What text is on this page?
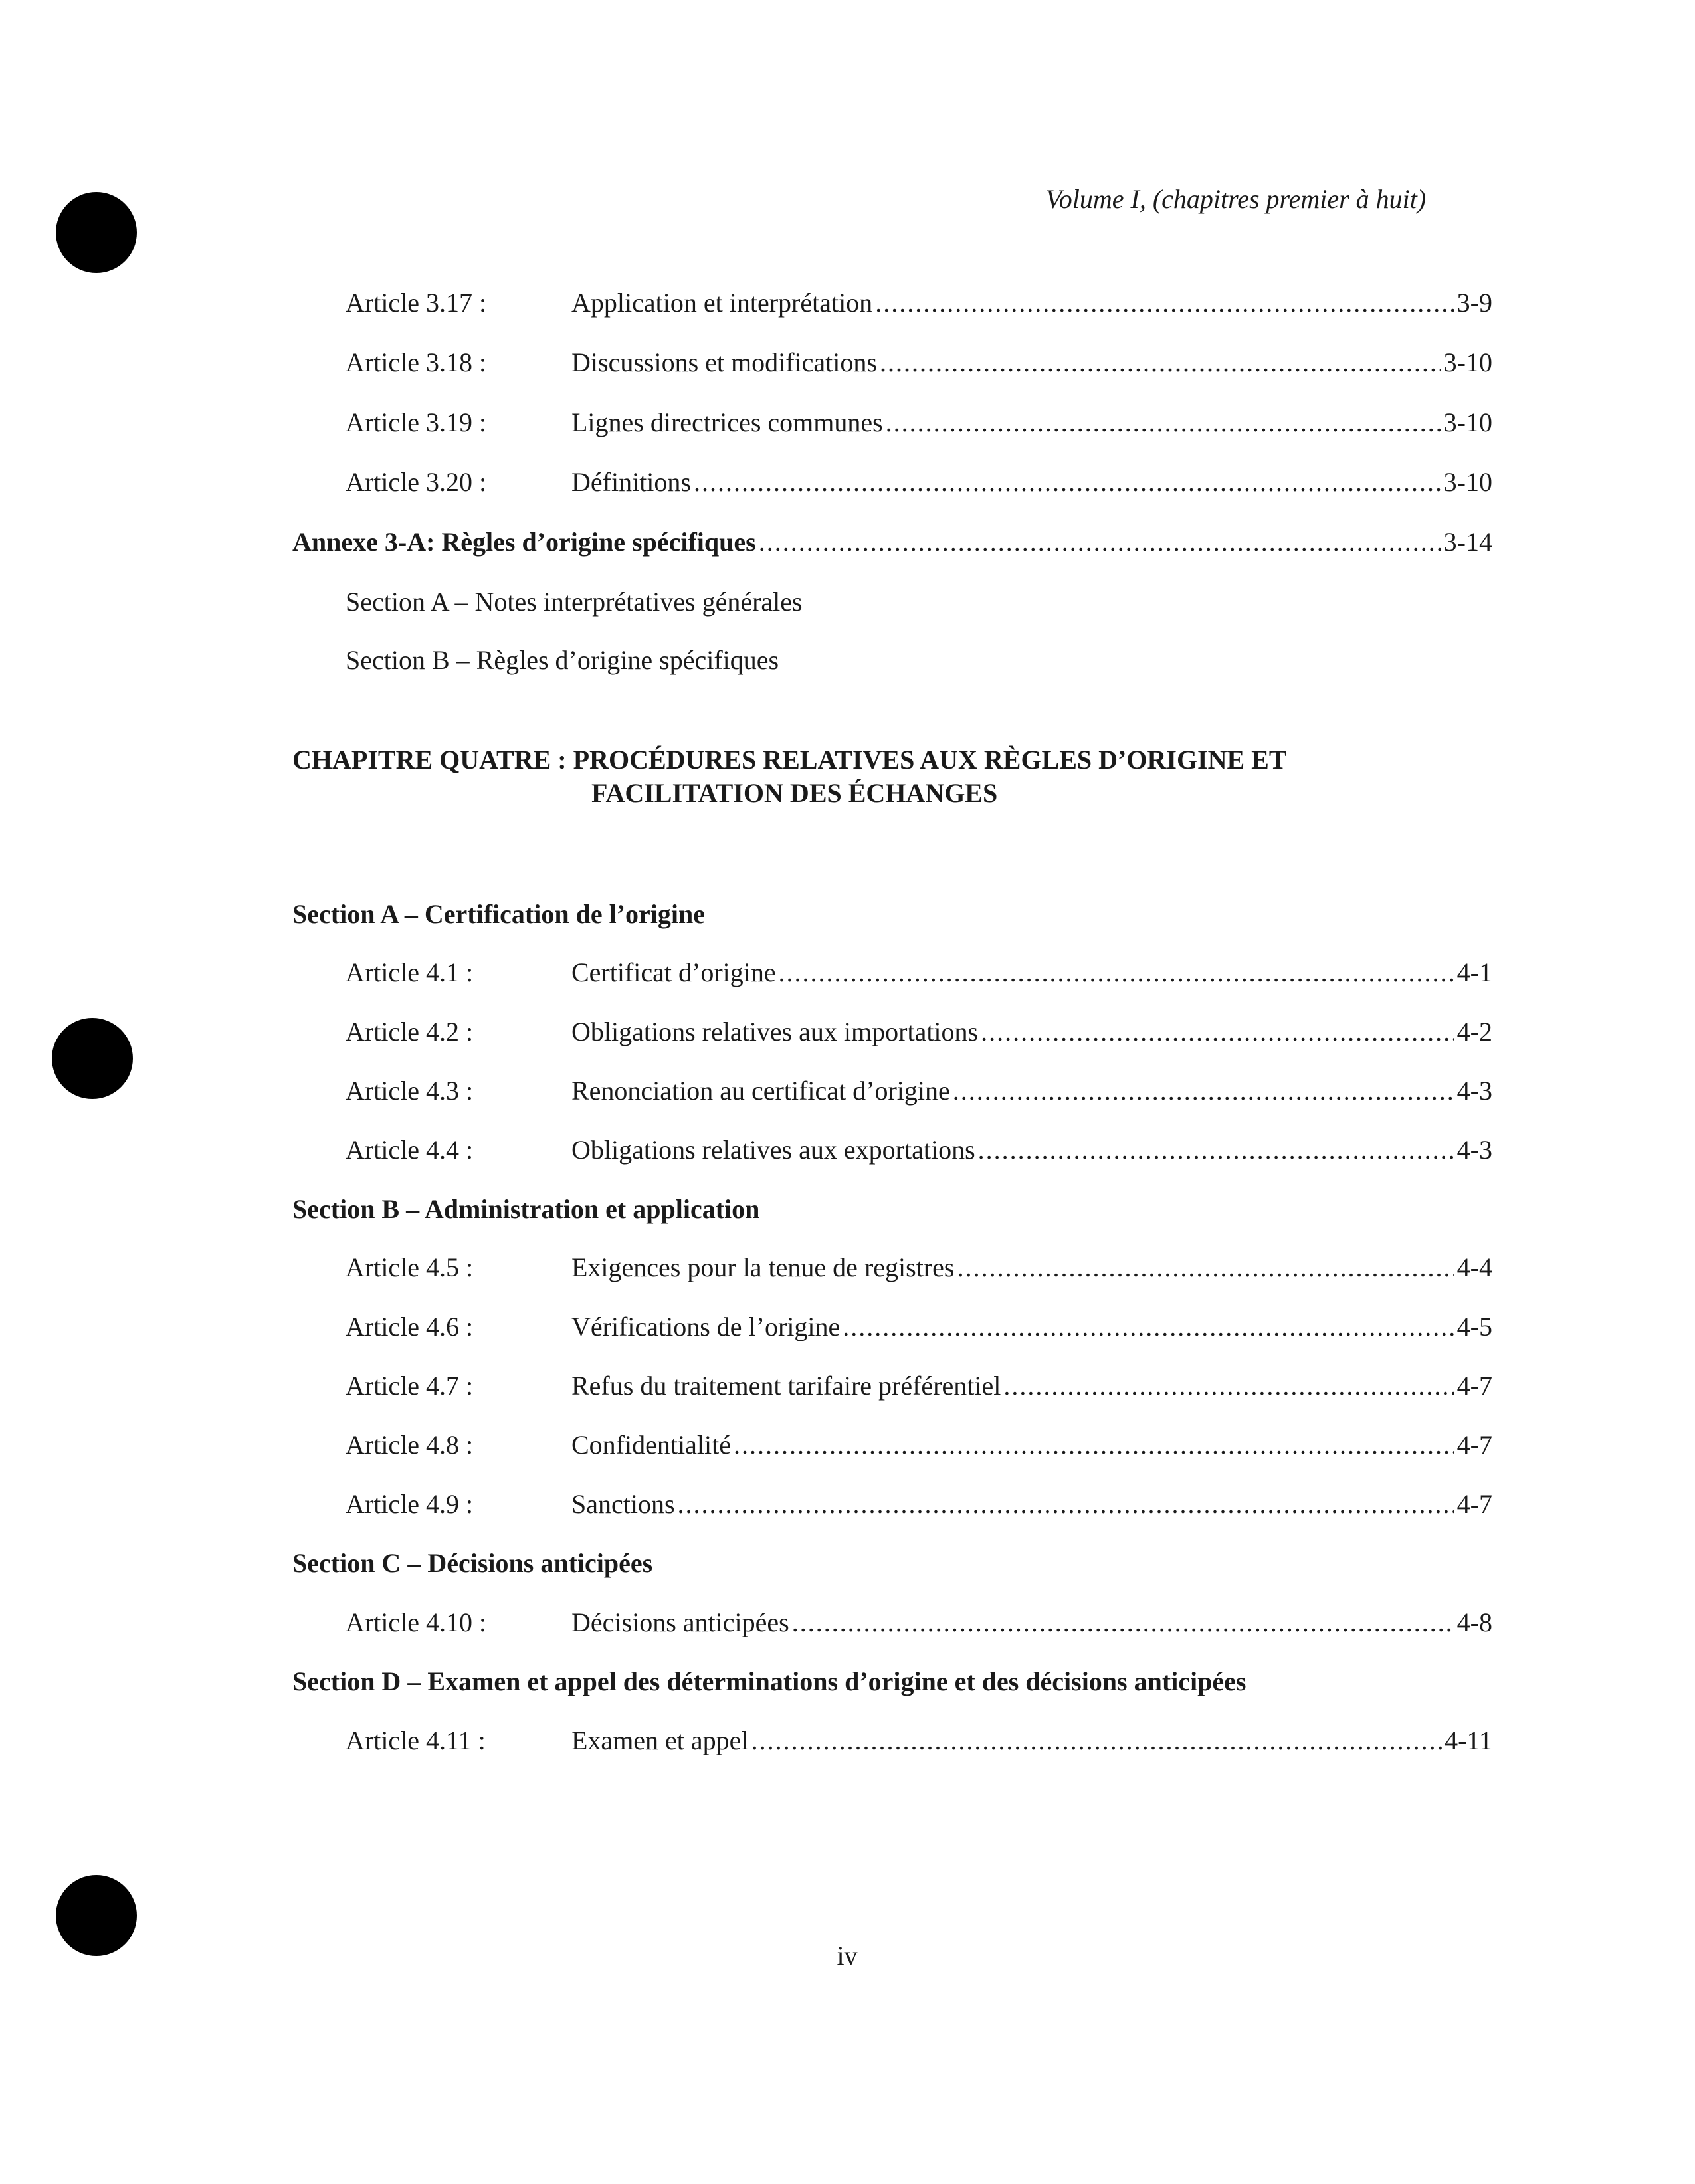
Volume I, (chapitres premier à huit)
Article 3.17 :	Application et interprétation .....	3-9
Article 3.18 :	Discussions et modifications .....	3-10
Article 3.19 :	Lignes directrices communes .....	3-10
Article 3.20 :	Définitions .....	3-10
Annexe 3-A: Règles d’origine spécifiques .....	3-14
Section A – Notes interprétatives générales
Section B – Règles d’origine spécifiques
Section A – Certification de l’origine
Article 4.1 :	Certificat d’origine .....	4-1
Article 4.2 :	Obligations relatives aux importations .....	4-2
Article 4.3 :	Renonciation au certificat d’origine .....	4-3
Article 4.4 :	Obligations relatives aux exportations .....	4-3
Section B – Administration et application
Article 4.5 :	Exigences pour la tenue de registres .....	4-4
Article 4.6 :	Vérifications de l’origine .....	4-5
Article 4.7 :	Refus du traitement tarifaire préférentiel .....	4-7
Article 4.8 :	Confidentialité .....	4-7
Article 4.9 :	Sanctions .....	4-7
Section C – Décisions anticipées
Article 4.10 :	Décisions anticipées .....	4-8
Section D – Examen et appel des déterminations d’origine et des décisions anticipées
Article 4.11 :	Examen et appel .....	4-11
CHAPITRE QUATRE : PROCÉDURES RELATIVES AUX RÈGLES D’ORIGINE ET
FACILITATION DES ÉCHANGES
iv
